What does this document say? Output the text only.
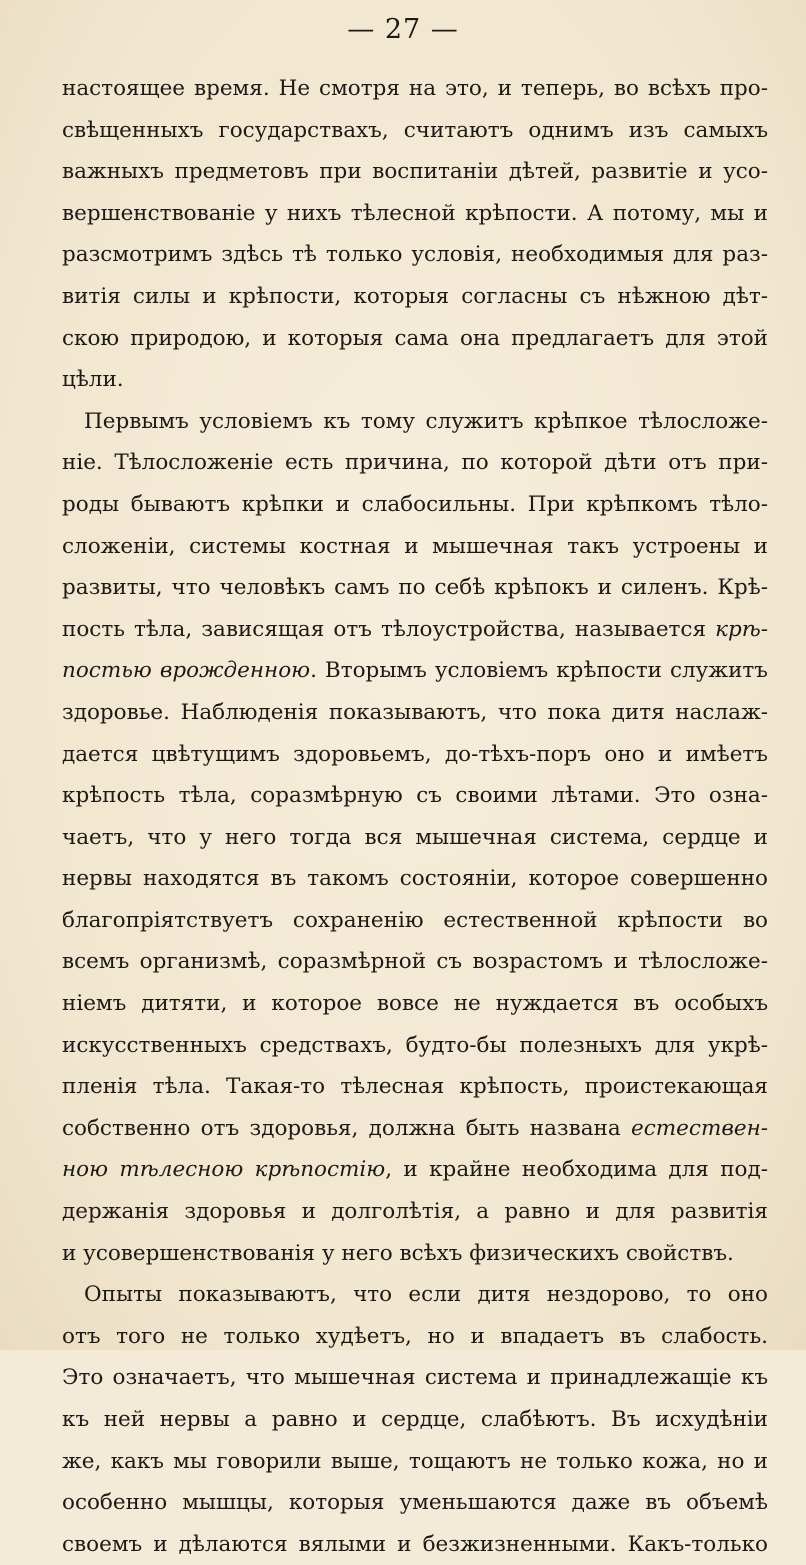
— 27 —
настоящее время. Не смотря на это, и теперь, во всѣхъ про-
свѣщенныхъ государствахъ, считаютъ однимъ изъ самыхъ
важныхъ предметовъ при воспитаніи дѣтей, развитіе и усо-
вершенствованіе у нихъ тѣлесной крѣпости. А потому, мы и
разсмотримъ здѣсь тѣ только условія, необходимыя для раз-
витія силы и крѣпости, которыя согласны съ нѣжною дѣт-
скою природою, и которыя сама она предлагаетъ для этой
цѣли.
Первымъ условіемъ къ тому служитъ крѣпкое тѣлосложе-
ніе. Тѣлосложеніе есть причина, по которой дѣти отъ при-
роды бываютъ крѣпки и слабосильны. При крѣпкомъ тѣло-
сложеніи, системы костная и мышечная такъ устроены и
развиты, что человѣкъ самъ по себѣ крѣпокъ и силенъ. Крѣ-
пость тѣла, зависящая отъ тѣлоустройства, называется крѣ-
постью врожденною. Вторымъ условіемъ крѣпости служитъ
здоровье. Наблюденія показываютъ, что пока дитя наслаж-
дается цвѣтущимъ здоровьемъ, до-тѣхъ-поръ оно и имѣетъ
крѣпость тѣла, соразмѣрную съ своими лѣтами. Это озна-
чаетъ, что у него тогда вся мышечная система, сердце и
нервы находятся въ такомъ состояніи, которое совершенно
благопріятствуетъ сохраненію естественной крѣпости во
всемъ организмѣ, соразмѣрной съ возрастомъ и тѣлосложе-
ніемъ дитяти, и которое вовсе не нуждается въ особыхъ
искусственныхъ средствахъ, будто-бы полезныхъ для укрѣ-
пленія тѣла. Такая-то тѣлесная крѣпость, проистекающая
собственно отъ здоровья, должна быть названа естествен-
ною тѣлесною крѣпостію, и крайне необходима для под-
держанія здоровья и долголѣтія, а равно и для развитія
и усовершенствованія у него всѣхъ физическихъ свойствъ.
Опыты показываютъ, что если дитя нездорово, то оно
отъ того не только худѣетъ, но и впадаетъ въ слабость.
Это означаетъ, что мышечная система и принадлежащіе къ
къ ней нервы а равно и сердце, слабѣютъ. Въ исхудѣніи
же, какъ мы говорили выше, тощаютъ не только кожа, но и
особенно мышцы, которыя уменьшаются даже въ объемѣ
своемъ и дѣлаются вялыми и безжизненными. Какъ-только
